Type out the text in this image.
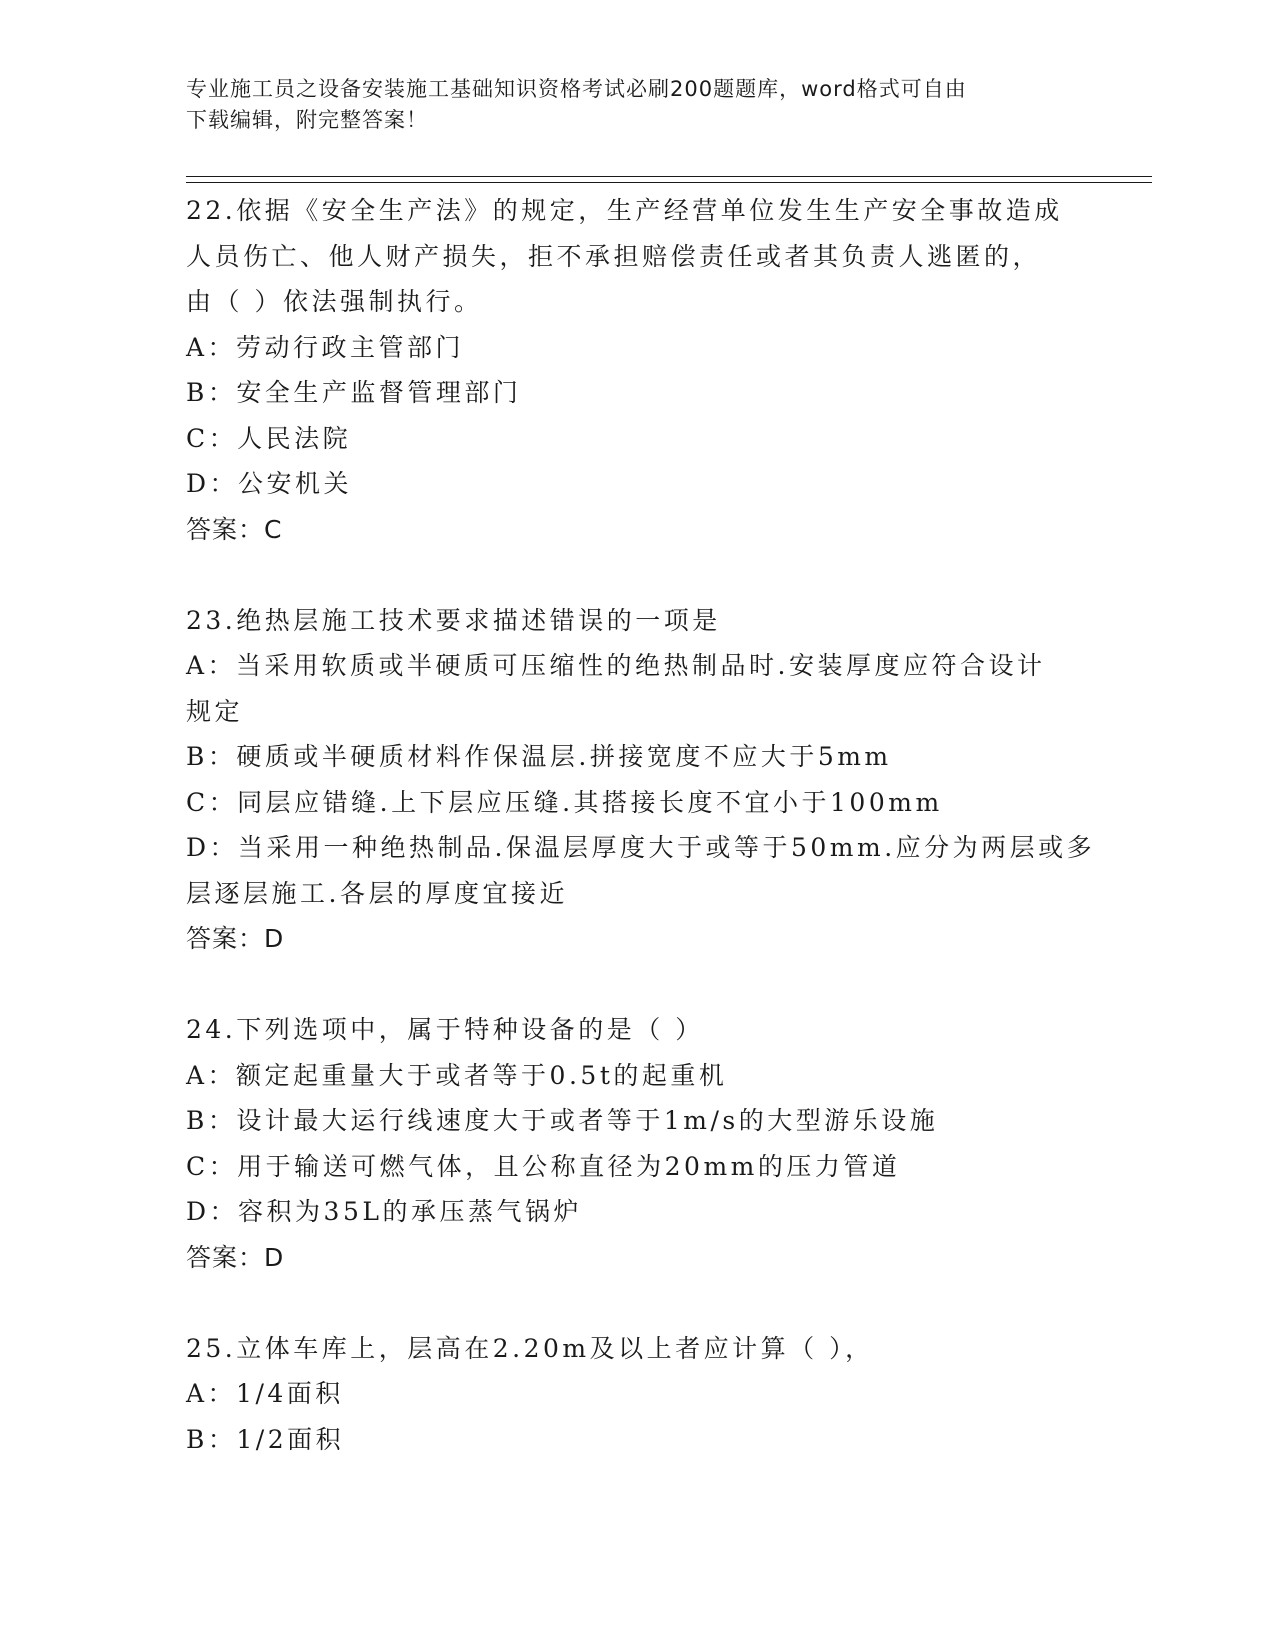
专业施工员之设备安装施工基础知识资格考试必刷200题题库，word格式可自由
下载编辑，附完整答案！
22.依据《安全生产法》的规定，生产经营单位发生生产安全事故造成
人员伤亡、他人财产损失，拒不承担赔偿责任或者其负责人逃匿的，
由（ ）依法强制执行。
A：劳动行政主管部门
B：安全生产监督管理部门
C：人民法院
D：公安机关
答案：C
23.绝热层施工技术要求描述错误的一项是
A：当采用软质或半硬质可压缩性的绝热制品时.安装厚度应符合设计
规定
B：硬质或半硬质材料作保温层.拼接宽度不应大于5mm
C：同层应错缝.上下层应压缝.其搭接长度不宜小于100mm
D：当采用一种绝热制品.保温层厚度大于或等于50mm.应分为两层或多
层逐层施工.各层的厚度宜接近
答案：D
24.下列选项中，属于特种设备的是（ ）
A：额定起重量大于或者等于0.5t的起重机
B：设计最大运行线速度大于或者等于1m/s的大型游乐设施
C：用于输送可燃气体，且公称直径为20mm的压力管道
D：容积为35L的承压蒸气锅炉
答案：D
25.立体车库上，层高在2.20m及以上者应计算（ ），
A：1/4面积
B：1/2面积
